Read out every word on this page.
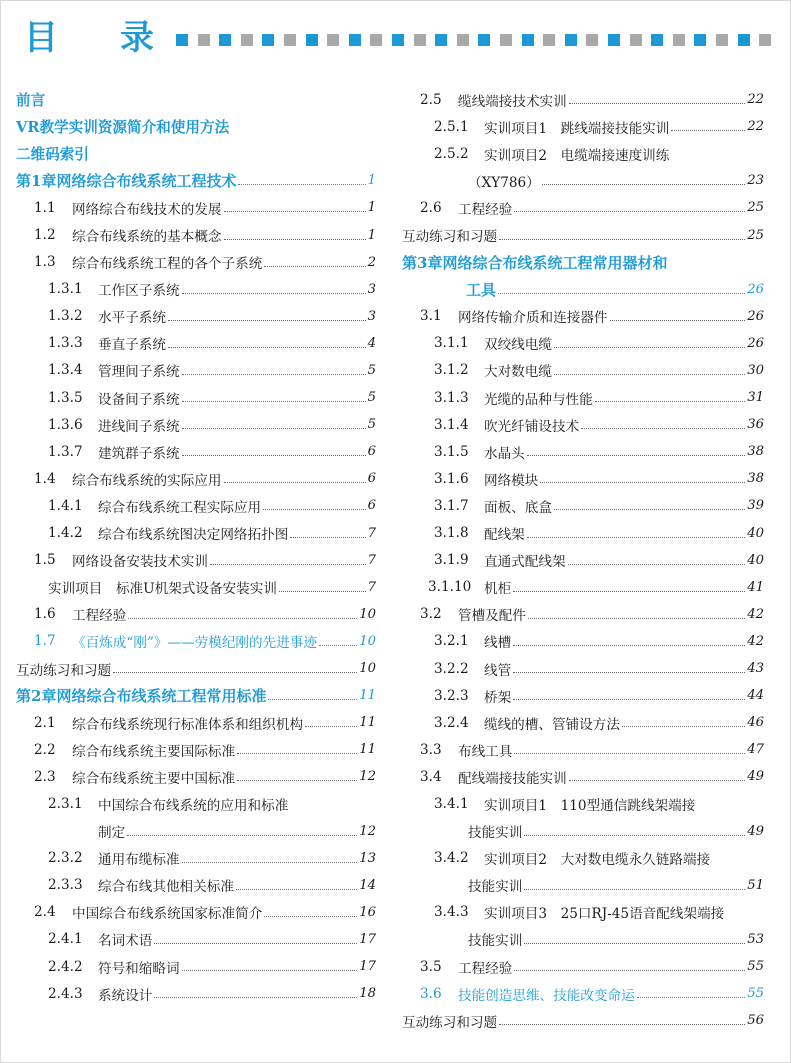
目 录
前言
VR教学实训资源简介和使用方法
二维码索引
第1章 网络综合布线系统工程技术	1
1.1	网络综合布线技术的发展	1
1.2	综合布线系统的基本概念	1
1.3	综合布线系统工程的各个子系统	2
1.3.1	工作区子系统	3
1.3.2	水平子系统	3
1.3.3	垂直子系统	4
1.3.4	管理间子系统	5
1.3.5	设备间子系统	5
1.3.6	进线间子系统	5
1.3.7	建筑群子系统	6
1.4	综合布线系统的实际应用	6
1.4.1	综合布线系统工程实际应用	6
1.4.2	综合布线系统图决定网络拓扑图	7
1.5	网络设备安装技术实训	7
实训项目　标准U机架式设备安装实训	7
1.6	工程经验	10
1.7	《百炼成“刚”》——劳模纪刚的先进事迹	10
互动练习和习题	10
第2章 网络综合布线系统工程常用标准	11
2.1	综合布线系统现行标准体系和组织机构	11
2.2	综合布线系统主要国际标准	11
2.3	综合布线系统主要中国标准	12
2.3.1	中国综合布线系统的应用和标准
制定	12
2.3.2	通用布缆标准	13
2.3.3	综合布线其他相关标准	14
2.4	中国综合布线系统国家标准简介	16
2.4.1	名词术语	17
2.4.2	符号和缩略词	17
2.4.3	系统设计	18
2.5	缆线端接技术实训	22
2.5.1	实训项目1　跳线端接技能实训	22
2.5.2	实训项目2　电缆端接速度训练
（XY786）	23
2.6	工程经验	25
互动练习和习题	25
第3章 网络综合布线系统工程常用器材和
工具	26
3.1	网络传输介质和连接器件	26
3.1.1	双绞线电缆	26
3.1.2	大对数电缆	30
3.1.3	光缆的品种与性能	31
3.1.4	吹光纤铺设技术	36
3.1.5	水晶头	38
3.1.6	网络模块	38
3.1.7	面板、底盒	39
3.1.8	配线架	40
3.1.9	直通式配线架	40
3.1.10 机柜	41
3.2	管槽及配件	42
3.2.1	线槽	42
3.2.2	线管	43
3.2.3	桥架	44
3.2.4	缆线的槽、管铺设方法	46
3.3	布线工具	47
3.4	配线端接技能实训	49
3.4.1	实训项目1　110型通信跳线架端接
技能实训	49
3.4.2	实训项目2　大对数电缆永久链路端接
技能实训	51
3.4.3	实训项目3　25口RJ-45语音配线架端接
技能实训	53
3.5	工程经验	55
3.6	技能创造思维、技能改变命运	55
互动练习和习题	56
